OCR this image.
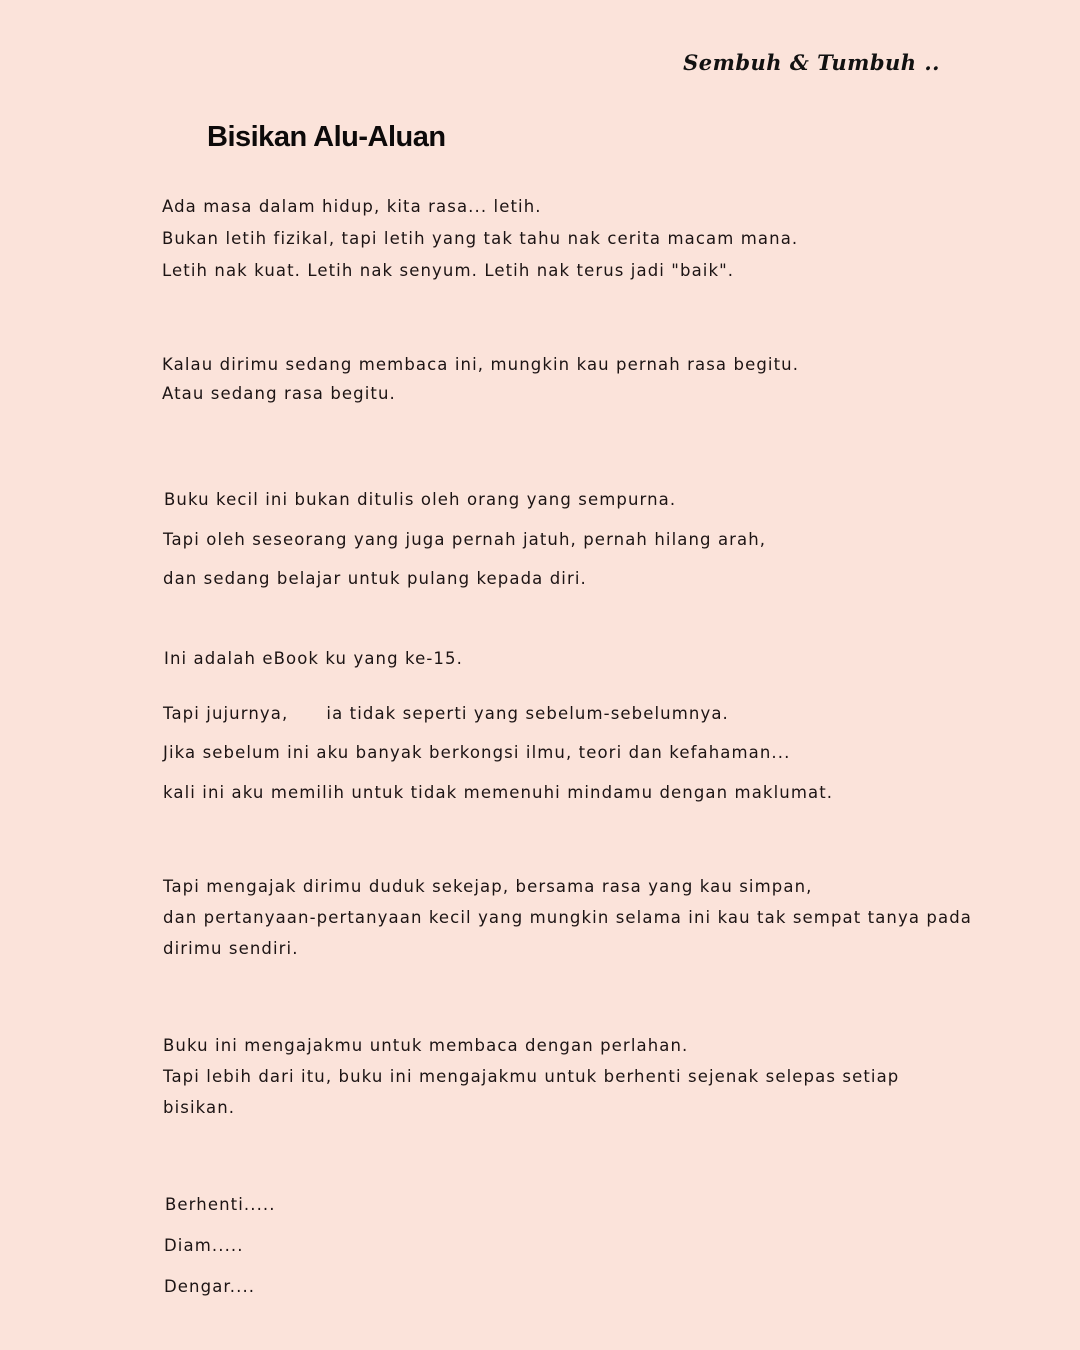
Sembuh & Tumbuh ..
Bisikan Alu-Aluan

Ada masa dalam hidup, kita rasa... letih.

Bukan letih fizikal, tapi letih yang tak tahu nak cerita macam mana.

Letih nak kuat. Letih nak senyum. Letih nak terus jadi "baik".

Kalau dirimu sedang membaca ini, mungkin kau pernah rasa begitu.

Atau sedang rasa begitu.

Buku kecil ini bukan ditulis oleh orang yang sempurna.

Tapi oleh seseorang yang juga pernah jatuh, pernah hilang arah,

dan sedang belajar untuk pulang kepada diri.

Ini adalah eBook ku yang ke-15.

Tapi jujurnya,      ia tidak seperti yang sebelum-sebelumnya.

Jika sebelum ini aku banyak berkongsi ilmu, teori dan kefahaman...

kali ini aku memilih untuk tidak memenuhi mindamu dengan maklumat.

Tapi mengajak dirimu duduk sekejap, bersama rasa yang kau simpan,

dan pertanyaan-pertanyaan kecil yang mungkin selama ini kau tak sempat tanya pada

dirimu sendiri.

Buku ini mengajakmu untuk membaca dengan perlahan.

Tapi lebih dari itu, buku ini mengajakmu untuk berhenti sejenak selepas setiap

bisikan.

Berhenti.....

Diam.....

Dengar....
